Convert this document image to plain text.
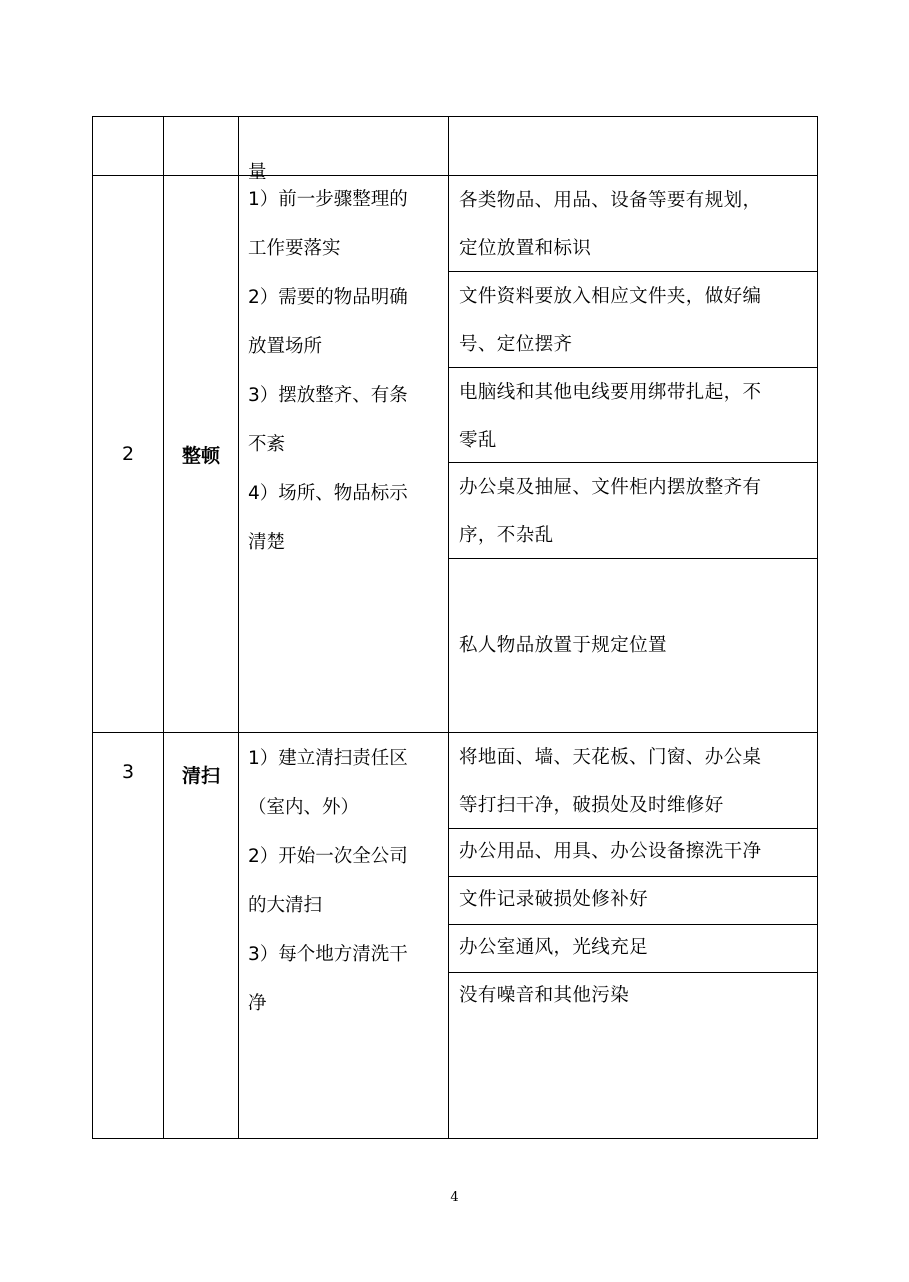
量
2	整顿
1）前一步骤整理的
工作要落实
2）需要的物品明确
放置场所
3）摆放整齐、有条
不紊
4）场所、物品标示
清楚
各类物品、用品、设备等要有规划，
定位放置和标识
文件资料要放入相应文件夹，做好编
号、定位摆齐
电脑线和其他电线要用绑带扎起，不
零乱
办公桌及抽屉、文件柜内摆放整齐有
序，不杂乱
私人物品放置于规定位置
3	清扫
1）建立清扫责任区
（室内、外）
2）开始一次全公司
的大清扫
3）每个地方清洗干
净
将地面、墙、天花板、门窗、办公桌
等打扫干净，破损处及时维修好
办公用品、用具、办公设备擦洗干净
文件记录破损处修补好
办公室通风，光线充足
没有噪音和其他污染
4
